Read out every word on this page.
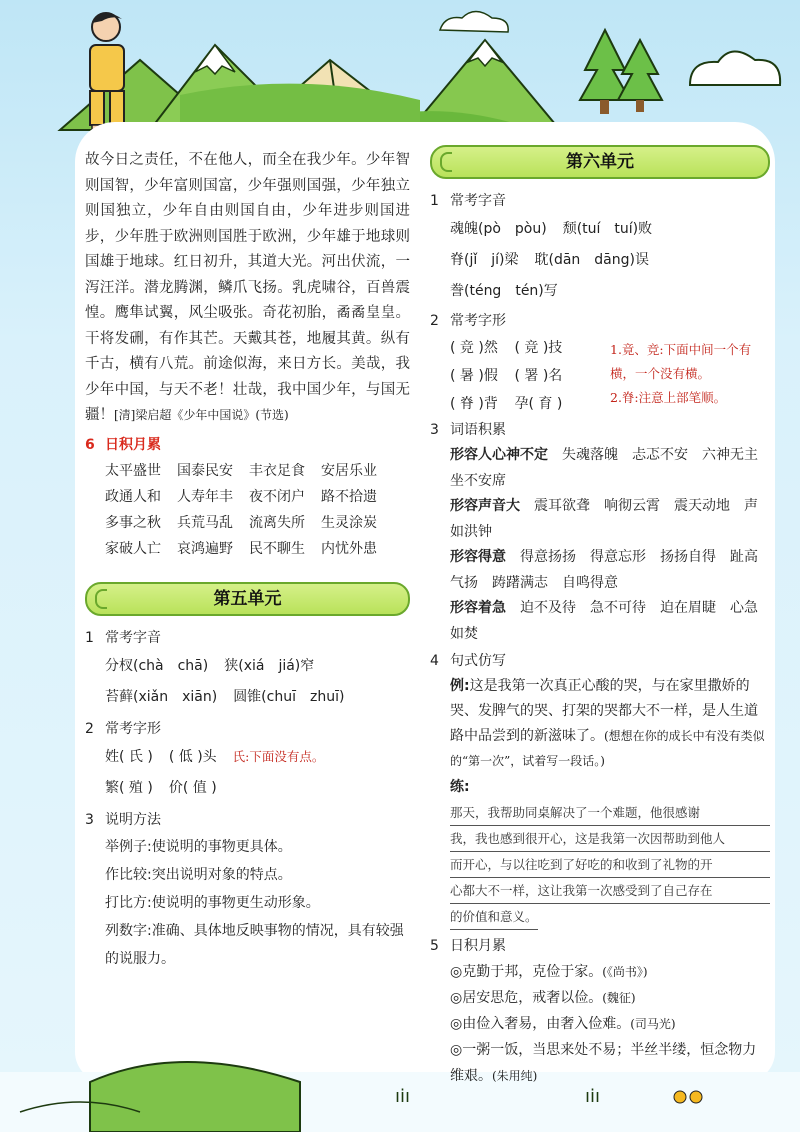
ıⅰı	ıⅰı
故今日之责任，不在他人，而全在我少年。少年智则国智，少年富则国富，少年强则国强，少年独立则国独立，少年自由则国自由，少年进步则国进步，少年胜于欧洲则国胜于欧洲，少年雄于地球则国雄于地球。红日初升，其道大光。河出伏流，一泻汪洋。潜龙腾渊，鳞爪飞扬。乳虎啸谷，百兽震惶。鹰隼试翼，风尘吸张。奇花初胎，矞矞皇皇。干将发硎，有作其芒。天戴其苍，地履其黄。纵有千古，横有八荒。前途似海，来日方长。美哉，我少年中国，与天不老！壮哉，我中国少年，与国无疆！[清]梁启超《少年中国说》(节选)
6 日积月累
太平盛世	国泰民安	丰衣足食	安居乐业
政通人和	人寿年丰	夜不闭户	路不拾遗
多事之秋	兵荒马乱	流离失所	生灵涂炭
家破人亡	哀鸿遍野	民不聊生	内忧外患
第五单元
1 常考字音
分杈(chà　chā) 狭(xiá　jiá)窄
苔藓(xiǎn　xiān) 圆锥(chuī　zhuī)
2 常考字形
姓( 氏 ) ( 低 )头 氏:下面没有点。
繁( 殖 ) 价( 值 )
3 说明方法
举例子:使说明的事物更具体。
作比较:突出说明对象的特点。
打比方:使说明的事物更生动形象。
列数字:准确、具体地反映事物的情况，具有较强的说服力。
第六单元
1 常考字音
魂魄(pò　pòu) 颓(tuí　tuí)败
脊(jǐ　jí)梁 耽(dān　dāng)误
誊(téng　tén)写
2 常考字形
( 竞 )然 ( 竞 )技
( 暑 )假 ( 署 )名
( 脊 )背 孕( 育 )
1.竟、竞:下面中间一个有横，一个没有横。
2.脊:注意上部笔顺。
3 词语积累
形容人心神不定　 失魂落魄　忐忑不安　六神无主　坐不安席
形容声音大　 震耳欲聋　响彻云霄　震天动地　声如洪钟
形容得意　 得意扬扬　得意忘形　扬扬自得　趾高气扬　踌躇满志　自鸣得意
形容着急　 迫不及待　急不可待　迫在眉睫　心急如焚
4 句式仿写
例:这是我第一次真正心酸的哭，与在家里撒娇的哭、发脾气的哭、打架的哭都大不一样，是人生道路中品尝到的新滋味了。(想想在你的成长中有没有类似的“第一次”，试着写一段话。)
练:
那天，我帮助同桌解决了一个难题，他很感谢
我，我也感到很开心，这是我第一次因帮助到他人
而开心，与以往吃到了好吃的和收到了礼物的开
心都大不一样，这让我第一次感受到了自己存在
的价值和意义。
5 日积月累
◎克勤于邦，克俭于家。(《尚书》)
◎居安思危，戒奢以俭。(魏征)
◎由俭入奢易，由奢入俭难。(司马光)
◎一粥一饭，当思来处不易；半丝半缕，恒念物力维艰。(朱用纯)
